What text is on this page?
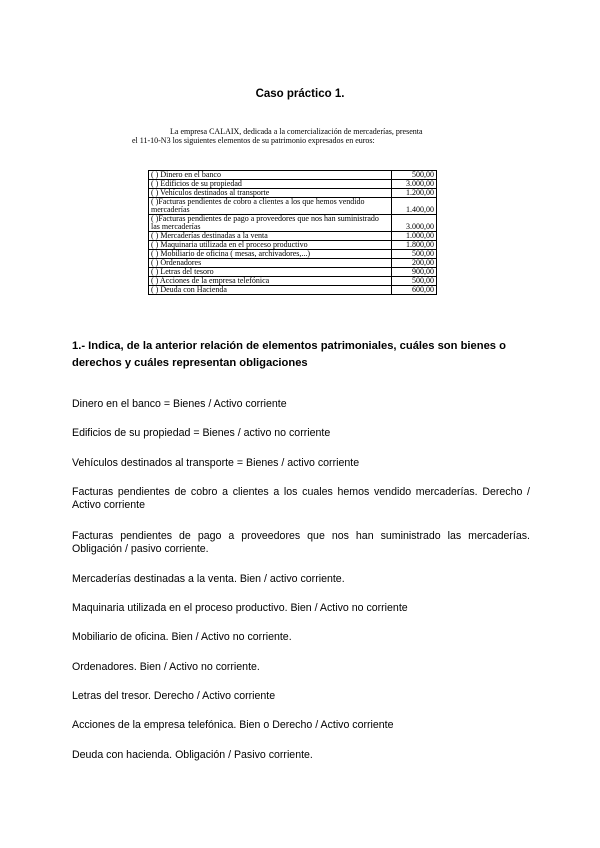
Caso práctico 1.
La empresa CALAIX, dedicada a la comercialización de mercaderías, presenta
el 11-10-N3 los siguientes elementos de su patrimonio expresados en euros:
( ) Dinero en el banco	500,00
( ) Edificios de su propiedad	3.000,00
( ) Vehículos destinados al transporte	1.200,00
( )Facturas pendientes de cobro a clientes a los que hemos vendido mercaderías	1.400,00
( )Facturas pendientes de pago a proveedores que nos han suministrado las mercaderías	3.000,00
( ) Mercaderías destinadas a la venta	1.000,00
( ) Maquinaria utilizada en el proceso productivo	1.800,00
( ) Mobiliario de oficina ( mesas, archivadores,...)	500,00
( ) Ordenadores	200,00
( ) Letras del tesoro	900,00
( ) Acciones de la empresa telefónica	500,00
( ) Deuda con Hacienda	600,00
1.- Indica, de la anterior relación de elementos patrimoniales, cuáles son bienes o derechos y cuáles representan obligaciones
Dinero en el banco = Bienes / Activo corriente
Edificios de su propiedad = Bienes / activo no corriente
Vehículos destinados al transporte = Bienes / activo corriente
Facturas pendientes de cobro a clientes a los cuales hemos vendido mercaderías. Derecho / Activo corriente
Facturas pendientes de pago a proveedores que nos han suministrado las mercaderías. Obligación / pasivo corriente.
Mercaderías destinadas a la venta. Bien / activo corriente.
Maquinaria utilizada en el proceso productivo. Bien / Activo no corriente
Mobiliario de oficina. Bien / Activo no corriente.
Ordenadores. Bien / Activo no corriente.
Letras del tresor. Derecho / Activo corriente
Acciones de la empresa telefónica. Bien o Derecho / Activo corriente
Deuda con hacienda. Obligación / Pasivo corriente.
